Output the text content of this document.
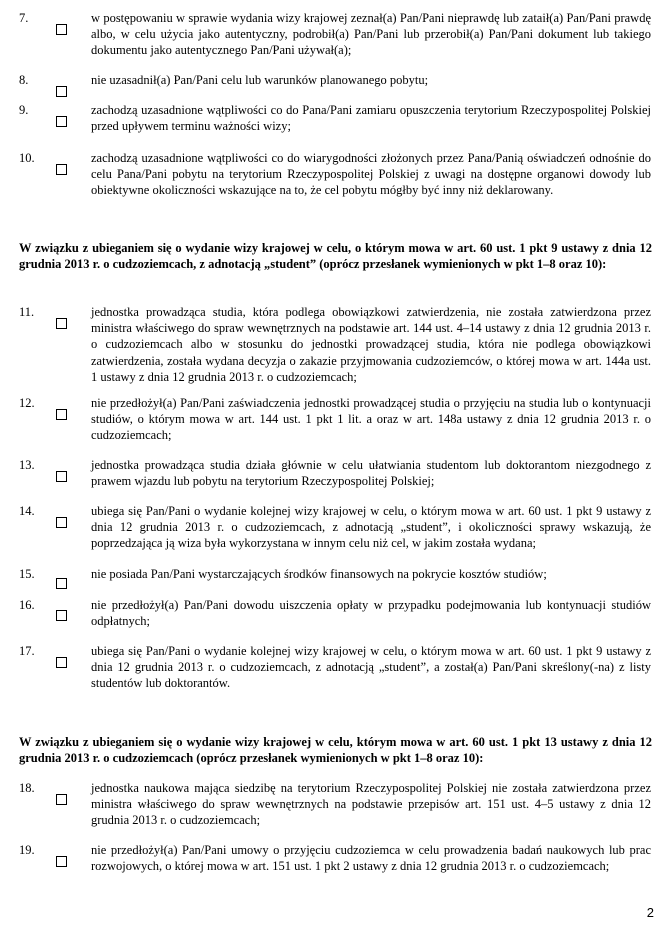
7.	w postępowaniu w sprawie wydania wizy krajowej zeznał(a) Pan/Pani nieprawdę lub zataił(a) Pan/Pani prawdę albo, w celu użycia jako autentyczny, podrobił(a) Pan/Pani lub przerobił(a) Pan/Pani dokument lub takiego dokumentu jako autentycznego Pan/Pani używał(a);
8.	nie uzasadnił(a) Pan/Pani celu lub warunków planowanego pobytu;
9.	zachodzą uzasadnione wątpliwości co do Pana/Pani zamiaru opuszczenia terytorium Rzeczypospolitej Polskiej przed upływem terminu ważności wizy;
10.	zachodzą uzasadnione wątpliwości co do wiarygodności złożonych przez Pana/Panią oświadczeń odnośnie do celu Pana/Pani pobytu na terytorium Rzeczypospolitej Polskiej z uwagi na dostępne organowi dowody lub obiektywne okoliczności wskazujące na to, że cel pobytu mógłby być inny niż deklarowany.
W związku z ubieganiem się o wydanie wizy krajowej w celu, o którym mowa w art. 60 ust. 1 pkt 9 ustawy z dnia 12 grudnia 2013 r. o cudzoziemcach, z adnotacją „student” (oprócz przesłanek wymienionych w pkt 1–8 oraz 10):
11.	jednostka prowadząca studia, która podlega obowiązkowi zatwierdzenia, nie została zatwierdzona przez ministra właściwego do spraw wewnętrznych na podstawie art. 144 ust. 4–14 ustawy z dnia 12 grudnia 2013 r. o cudzoziemcach albo w stosunku do jednostki prowadzącej studia, która nie podlega obowiązkowi zatwierdzenia, została wydana decyzja o zakazie przyjmowania cudzoziemców, o której mowa w art. 144a ust. 1 ustawy z dnia 12 grudnia 2013 r. o cudzoziemcach;
12.	nie przedłożył(a) Pan/Pani zaświadczenia jednostki prowadzącej studia o przyjęciu na studia lub o kontynuacji studiów, o którym mowa w art. 144 ust. 1 pkt 1 lit. a oraz w art. 148a ustawy z dnia 12 grudnia 2013 r. o cudzoziemcach;
13.	jednostka prowadząca studia działa głównie w celu ułatwiania studentom lub doktorantom niezgodnego z prawem wjazdu lub pobytu na terytorium Rzeczypospolitej Polskiej;
14.	ubiega się Pan/Pani o wydanie kolejnej wizy krajowej w celu, o którym mowa w art. 60 ust. 1 pkt 9 ustawy z dnia 12 grudnia 2013 r. o cudzoziemcach, z adnotacją „student”, i okoliczności sprawy wskazują, że poprzedzająca ją wiza była wykorzystana w innym celu niż cel, w jakim została wydana;
15.	nie posiada Pan/Pani wystarczających środków finansowych na pokrycie kosztów studiów;
16.	nie przedłożył(a) Pan/Pani dowodu uiszczenia opłaty w przypadku podejmowania lub kontynuacji studiów odpłatnych;
17.	ubiega się Pan/Pani o wydanie kolejnej wizy krajowej w celu, o którym mowa w art. 60 ust. 1 pkt 9 ustawy z dnia 12 grudnia 2013 r. o cudzoziemcach, z adnotacją „student”, a został(a) Pan/Pani skreślony(-na) z listy studentów lub doktorantów.
W związku z ubieganiem się o wydanie wizy krajowej w celu, którym mowa w art. 60 ust. 1 pkt 13 ustawy z dnia 12 grudnia 2013 r. o cudzoziemcach (oprócz przesłanek wymienionych w pkt 1–8 oraz 10):
18.	jednostka naukowa mająca siedzibę na terytorium Rzeczypospolitej Polskiej nie została zatwierdzona przez ministra właściwego do spraw wewnętrznych na podstawie przepisów art. 151 ust. 4–5 ustawy z dnia 12 grudnia 2013 r. o cudzoziemcach;
19.	nie przedłożył(a) Pan/Pani umowy o przyjęciu cudzoziemca w celu prowadzenia badań naukowych lub prac rozwojowych, o której mowa w art. 151 ust. 1 pkt 2 ustawy z dnia 12 grudnia 2013 r. o cudzoziemcach;
2
